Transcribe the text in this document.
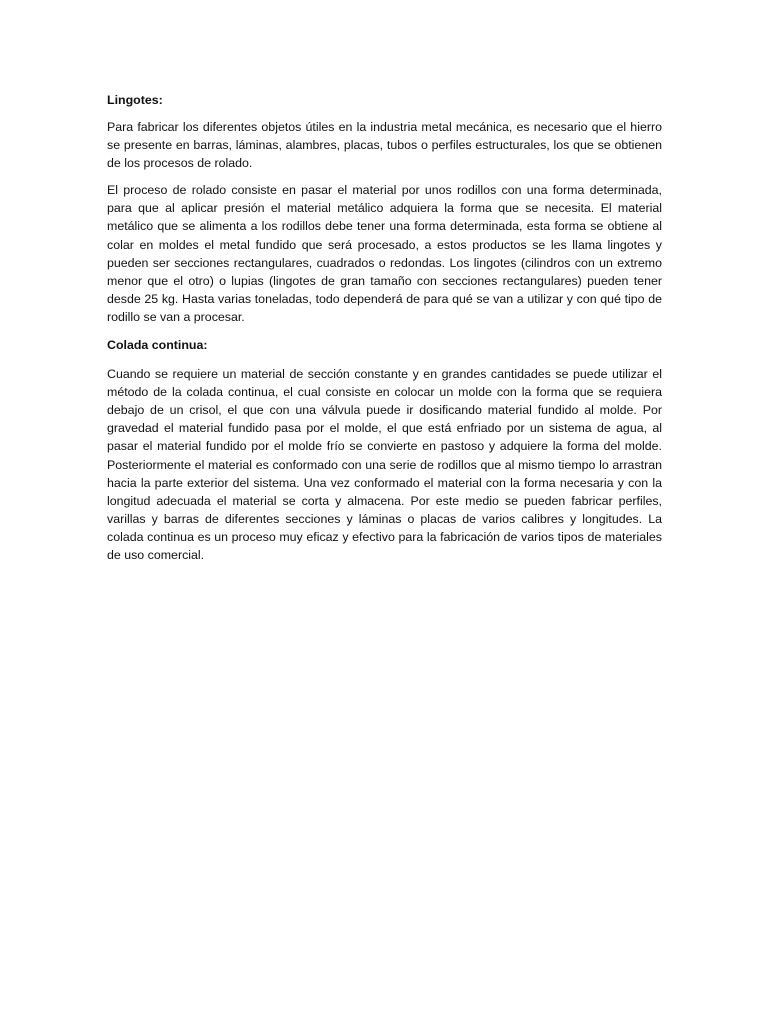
Lingotes:

Para fabricar los diferentes objetos útiles en la industria metal mecánica, es necesario que el hierro se presente en barras, láminas, alambres, placas, tubos o perfiles estructurales, los que se obtienen de los procesos de rolado.

El proceso de rolado consiste en pasar el material por unos rodillos con una forma determinada, para que al aplicar presión el material metálico adquiera la forma que se necesita. El material metálico que se alimenta a los rodillos debe tener una forma determinada, esta forma se obtiene al colar en moldes el metal fundido que será procesado, a estos productos se les llama lingotes y pueden ser secciones rectangulares, cuadrados o redondas. Los lingotes (cilindros con un extremo menor que el otro) o lupias (lingotes de gran tamaño con secciones rectangulares) pueden tener desde 25 kg. Hasta varias toneladas, todo dependerá de para qué se van a utilizar y con qué tipo de rodillo se van a procesar.

Colada continua:

Cuando se requiere un material de sección constante y en grandes cantidades se puede utilizar el método de la colada continua, el cual consiste en colocar un molde con la forma que se requiera debajo de un crisol, el que con una válvula puede ir dosificando material fundido al molde. Por gravedad el material fundido pasa por el molde, el que está enfriado por un sistema de agua, al pasar el material fundido por el molde frío se convierte en pastoso y adquiere la forma del molde. Posteriormente el material es conformado con una serie de rodillos que al mismo tiempo lo arrastran hacia la parte exterior del sistema. Una vez conformado el material con la forma necesaria y con la longitud adecuada el material se corta y almacena. Por este medio se pueden fabricar perfiles, varillas y barras de diferentes secciones y láminas o placas de varios calibres y longitudes. La colada continua es un proceso muy eficaz y efectivo para la fabricación de varios tipos de materiales de uso comercial.
